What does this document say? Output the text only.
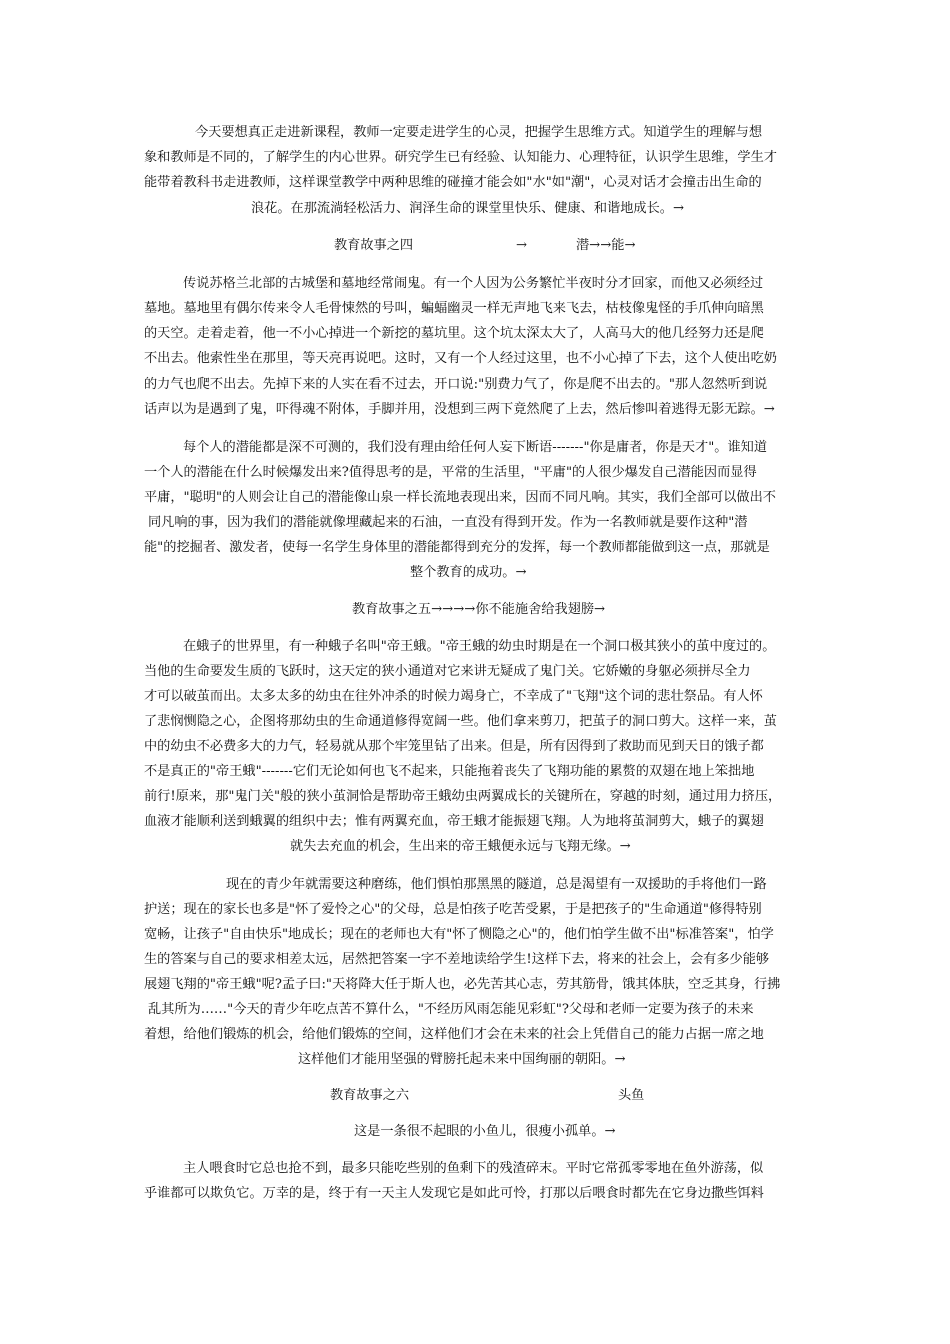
今天要想真正走进新课程，教师一定要走进学生的心灵，把握学生思维方式。知道学生的理解与想
象和教师是不同的，了解学生的内心世界。研究学生已有经验、认知能力、心理特征，认识学生思维，学生才
能带着教科书走进教师，这样课堂教学中两种思维的碰撞才能会如"水"如"潮"，心灵对话才会撞击出生命的
浪花。在那流淌轻松活力、润泽生命的课堂里快乐、健康、和谐地成长。→
教育故事之四	→	潜→→能→
传说苏格兰北部的古城堡和墓地经常闹鬼。有一个人因为公务繁忙半夜时分才回家，而他又必须经过
墓地。墓地里有偶尔传来令人毛骨悚然的号叫，蝙蝠幽灵一样无声地飞来飞去，枯枝像鬼怪的手爪伸向暗黑
的天空。走着走着，他一不小心掉进一个新挖的墓坑里。这个坑太深太大了，人高马大的他几经努力还是爬
不出去。他索性坐在那里，等天亮再说吧。这时，又有一个人经过这里，也不小心掉了下去，这个人使出吃奶
的力气也爬不出去。先掉下来的人实在看不过去，开口说:"别费力气了，你是爬不出去的。"那人忽然听到说
话声以为是遇到了鬼，吓得魂不附体，手脚并用，没想到三两下竟然爬了上去，然后惨叫着逃得无影无踪。→
每个人的潜能都是深不可测的，我们没有理由给任何人妄下断语-------"你是庸者，你是天才"。谁知道
一个人的潜能在什么时候爆发出来?值得思考的是，平常的生活里，"平庸"的人很少爆发自己潜能因而显得
平庸，"聪明"的人则会让自己的潜能像山泉一样长流地表现出来，因而不同凡响。其实，我们全部可以做出不
同凡响的事，因为我们的潜能就像埋藏起来的石油，一直没有得到开发。作为一名教师就是要作这种"潜
能"的挖掘者、激发者，使每一名学生身体里的潜能都得到充分的发挥，每一个教师都能做到这一点，那就是
整个教育的成功。→
教育故事之五→→→→你不能施舍给我翅膀→
在蛾子的世界里，有一种蛾子名叫"帝王蛾。"帝王蛾的幼虫时期是在一个洞口极其狭小的茧中度过的。
当他的生命要发生质的飞跃时，这天定的狭小通道对它来讲无疑成了鬼门关。它娇嫩的身躯必须拼尽全力
才可以破茧而出。太多太多的幼虫在往外冲杀的时候力竭身亡，不幸成了"飞翔"这个词的悲壮祭品。有人怀
了悲悯恻隐之心，企图将那幼虫的生命通道修得宽阔一些。他们拿来剪刀，把茧子的洞口剪大。这样一来，茧
中的幼虫不必费多大的力气，轻易就从那个牢笼里钻了出来。但是，所有因得到了救助而见到天日的饿子都
不是真正的"帝王蛾"-------它们无论如何也飞不起来，只能拖着丧失了飞翔功能的累赘的双翅在地上笨拙地
前行!原来，那"鬼门关"般的狭小茧洞恰是帮助帝王蛾幼虫两翼成长的关键所在，穿越的时刻，通过用力挤压，
血液才能顺利送到蛾翼的组织中去；惟有两翼充血，帝王蛾才能振翅飞翔。人为地将茧洞剪大，蛾子的翼翅
就失去充血的机会，生出来的帝王蛾便永远与飞翔无缘。→
现在的青少年就需要这种磨练，他们惧怕那黑黑的隧道，总是渴望有一双援助的手将他们一路
护送；现在的家长也多是"怀了爱怜之心"的父母，总是怕孩子吃苦受累，于是把孩子的"生命通道"修得特别
宽畅，让孩子"自由快乐"地成长；现在的老师也大有"怀了恻隐之心"的，他们怕学生做不出"标准答案"，怕学
生的答案与自己的要求相差太远，居然把答案一字不差地读给学生!这样下去，将来的社会上，会有多少能够
展翅飞翔的"帝王蛾"呢?孟子曰:"天将降大任于斯人也，必先苦其心志，劳其筋骨，饿其体肤，空乏其身，行拂
乱其所为……"今天的青少年吃点苦不算什么，"不经历风雨怎能见彩虹"?父母和老师一定要为孩子的未来
着想，给他们锻炼的机会，给他们锻炼的空间，这样他们才会在未来的社会上凭借自己的能力占据一席之地
这样他们才能用坚强的臂膀托起未来中国绚丽的朝阳。→
教育故事之六	头鱼
这是一条很不起眼的小鱼儿，很瘦小孤单。→
主人喂食时它总也抢不到，最多只能吃些别的鱼剩下的残渣碎末。平时它常孤零零地在鱼外游荡，似
乎谁都可以欺负它。万幸的是，终于有一天主人发现它是如此可怜，打那以后喂食时都先在它身边撒些饵料
